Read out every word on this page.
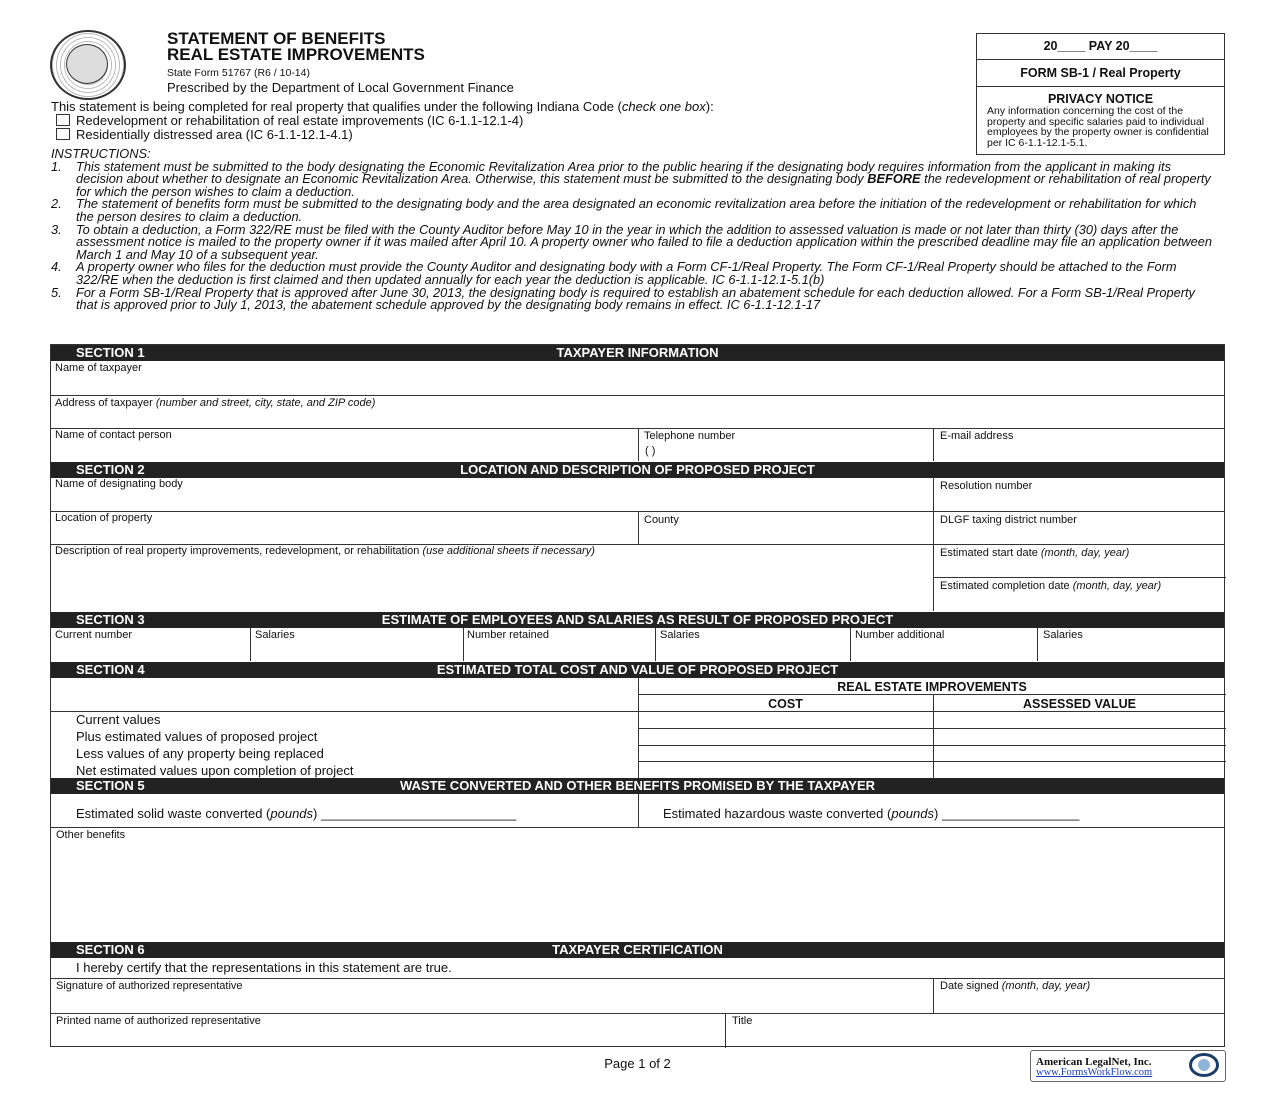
STATEMENT OF BENEFITS
REAL ESTATE IMPROVEMENTS
State Form 51767 (R6 / 10-14)
Prescribed by the Department of Local Government Finance
20____ PAY 20____
FORM SB-1 / Real Property
PRIVACY NOTICE
Any information concerning the cost of the property and specific salaries paid to individual employees by the property owner is confidential per IC 6-1.1-12.1-5.1.
This statement is being completed for real property that qualifies under the following Indiana Code (check one box):
Redevelopment or rehabilitation of real estate improvements (IC 6-1.1-12.1-4)
Residentially distressed area (IC 6-1.1-12.1-4.1)
INSTRUCTIONS:
1. This statement must be submitted to the body designating the Economic Revitalization Area prior to the public hearing if the designating body requires information from the applicant in making its decision about whether to designate an Economic Revitalization Area. Otherwise, this statement must be submitted to the designating body BEFORE the redevelopment or rehabilitation of real property for which the person wishes to claim a deduction.
2. The statement of benefits form must be submitted to the designating body and the area designated an economic revitalization area before the initiation of the redevelopment or rehabilitation for which the person desires to claim a deduction.
3. To obtain a deduction, a Form 322/RE must be filed with the County Auditor before May 10 in the year in which the addition to assessed valuation is made or not later than thirty (30) days after the assessment notice is mailed to the property owner if it was mailed after April 10. A property owner who failed to file a deduction application within the prescribed deadline may file an application between March 1 and May 10 of a subsequent year.
4. A property owner who files for the deduction must provide the County Auditor and designating body with a Form CF-1/Real Property. The Form CF-1/Real Property should be attached to the Form 322/RE when the deduction is first claimed and then updated annually for each year the deduction is applicable. IC 6-1.1-12.1-5.1(b)
5. For a Form SB-1/Real Property that is approved after June 30, 2013, the designating body is required to establish an abatement schedule for each deduction allowed. For a Form SB-1/Real Property that is approved prior to July 1, 2013, the abatement schedule approved by the designating body remains in effect. IC 6-1.1-12.1-17
TAXPAYER INFORMATION
SECTION 1
Name of taxpayer
Address of taxpayer (number and street, city, state, and ZIP code)
Name of contact person	Telephone number
( )
E-mail address
LOCATION AND DESCRIPTION OF PROPOSED PROJECT
SECTION 2
Name of designating body	Resolution number
Location of property	County	DLGF taxing district number
Description of real property improvements, redevelopment, or rehabilitation (use additional sheets if necessary)	Estimated start date (month, day, year)
Estimated completion date (month, day, year)
ESTIMATE OF EMPLOYEES AND SALARIES AS RESULT OF PROPOSED PROJECT
SECTION 3
Current number	Salaries	Number retained	Salaries	Number additional	Salaries
ESTIMATED TOTAL COST AND VALUE OF PROPOSED PROJECT
SECTION 4
REAL ESTATE IMPROVEMENTS
COST	ASSESSED VALUE
Current values
Plus estimated values of proposed project
Less values of any property being replaced
Net estimated values upon completion of project
WASTE CONVERTED AND OTHER BENEFITS PROMISED BY THE TAXPAYER
SECTION 5
Estimated solid waste converted (pounds) ___________________________	Estimated hazardous waste converted (pounds) ___________________
Other benefits
TAXPAYER CERTIFICATION
SECTION 6
I hereby certify that the representations in this statement are true.
Signature of authorized representative	Date signed (month, day, year)
Printed name of authorized representative	Title
Page 1 of 2	American LegalNet, Inc.
www.FormsWorkFlow.com
